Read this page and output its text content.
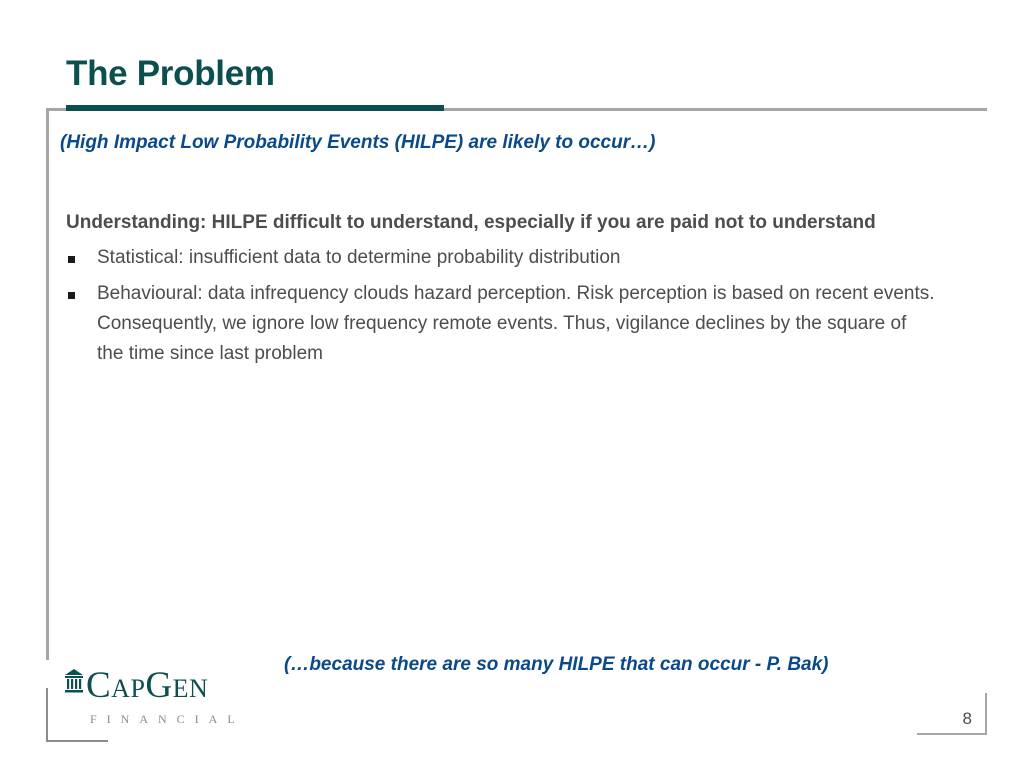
The Problem

(High Impact Low Probability Events (HILPE) are likely to occur…)

Understanding: HILPE difficult to understand, especially if you are paid not to understand

Statistical: insufficient data to determine probability distribution
Behavioural: data infrequency clouds hazard perception. Risk perception is based on recent events. Consequently, we ignore low frequency remote events. Thus, vigilance declines by the square of the time since last problem

(…because there are so many HILPE that can occur - P. Bak)

CapGen
FINANCIAL	8
